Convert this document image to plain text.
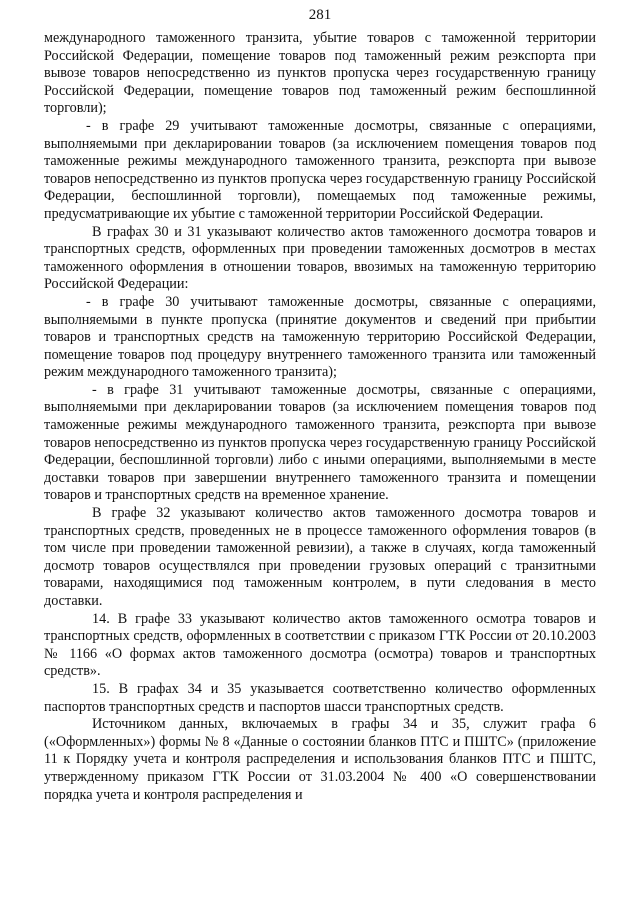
281

международного таможенного транзита, убытие товаров с таможенной территории Российской Федерации, помещение товаров под таможенный режим реэкспорта при вывозе товаров непосредственно из пунктов пропуска через государственную границу Российской Федерации, помещение товаров под таможенный режим беспошлинной торговли);

- в графе 29 учитывают таможенные досмотры, связанные с операциями, выполняемыми при декларировании товаров (за исключением помещения товаров под таможенные режимы международного таможенного транзита, реэкспорта при вывозе товаров непосредственно из пунктов пропуска через государственную границу Российской Федерации, беспошлинной торговли), помещаемых под таможенные режимы, предусматривающие их убытие с таможенной территории Российской Федерации.

В графах 30 и 31 указывают количество актов таможенного досмотра товаров и транспортных средств, оформленных при проведении таможенных досмотров в местах таможенного оформления в отношении товаров, ввозимых на таможенную территорию Российской Федерации:

- в графе 30 учитывают таможенные досмотры, связанные с операциями, выполняемыми в пункте пропуска (принятие документов и сведений при прибытии товаров и транспортных средств на таможенную территорию Российской Федерации, помещение товаров под процедуру внутреннего таможенного транзита или таможенный режим международного таможенного транзита);

- в графе 31 учитывают таможенные досмотры, связанные с операциями, выполняемыми при декларировании товаров (за исключением помещения товаров под таможенные режимы международного таможенного транзита, реэкспорта при вывозе товаров непосредственно из пунктов пропуска через государственную границу Российской Федерации, беспошлинной торговли) либо с иными операциями, выполняемыми в месте доставки товаров при завершении внутреннего таможенного транзита и помещении товаров и транспортных средств на временное хранение.

В графе 32 указывают количество актов таможенного досмотра товаров и транспортных средств, проведенных не в процессе таможенного оформления товаров (в том числе при проведении таможенной ревизии), а также в случаях, когда таможенный досмотр товаров осуществлялся при проведении грузовых операций с транзитными товарами, находящимися под таможенным контролем, в пути следования в место доставки.

14. В графе 33 указывают количество актов таможенного осмотра товаров и транспортных средств, оформленных в соответствии с приказом ГТК России от 20.10.2003 № 1166 «О формах актов таможенного досмотра (осмотра) товаров и транспортных средств».

15. В графах 34 и 35 указывается соответственно количество оформленных паспортов транспортных средств и паспортов шасси транспортных средств.

Источником данных, включаемых в графы 34 и 35, служит графа 6 («Оформленных») формы № 8 «Данные о состоянии бланков ПТС и ПШТС» (приложение 11 к Порядку учета и контроля распределения и использования бланков ПТС и ПШТС, утвержденному приказом ГТК России от 31.03.2004 № 400 «О совершенствовании порядка учета и контроля распределения и
